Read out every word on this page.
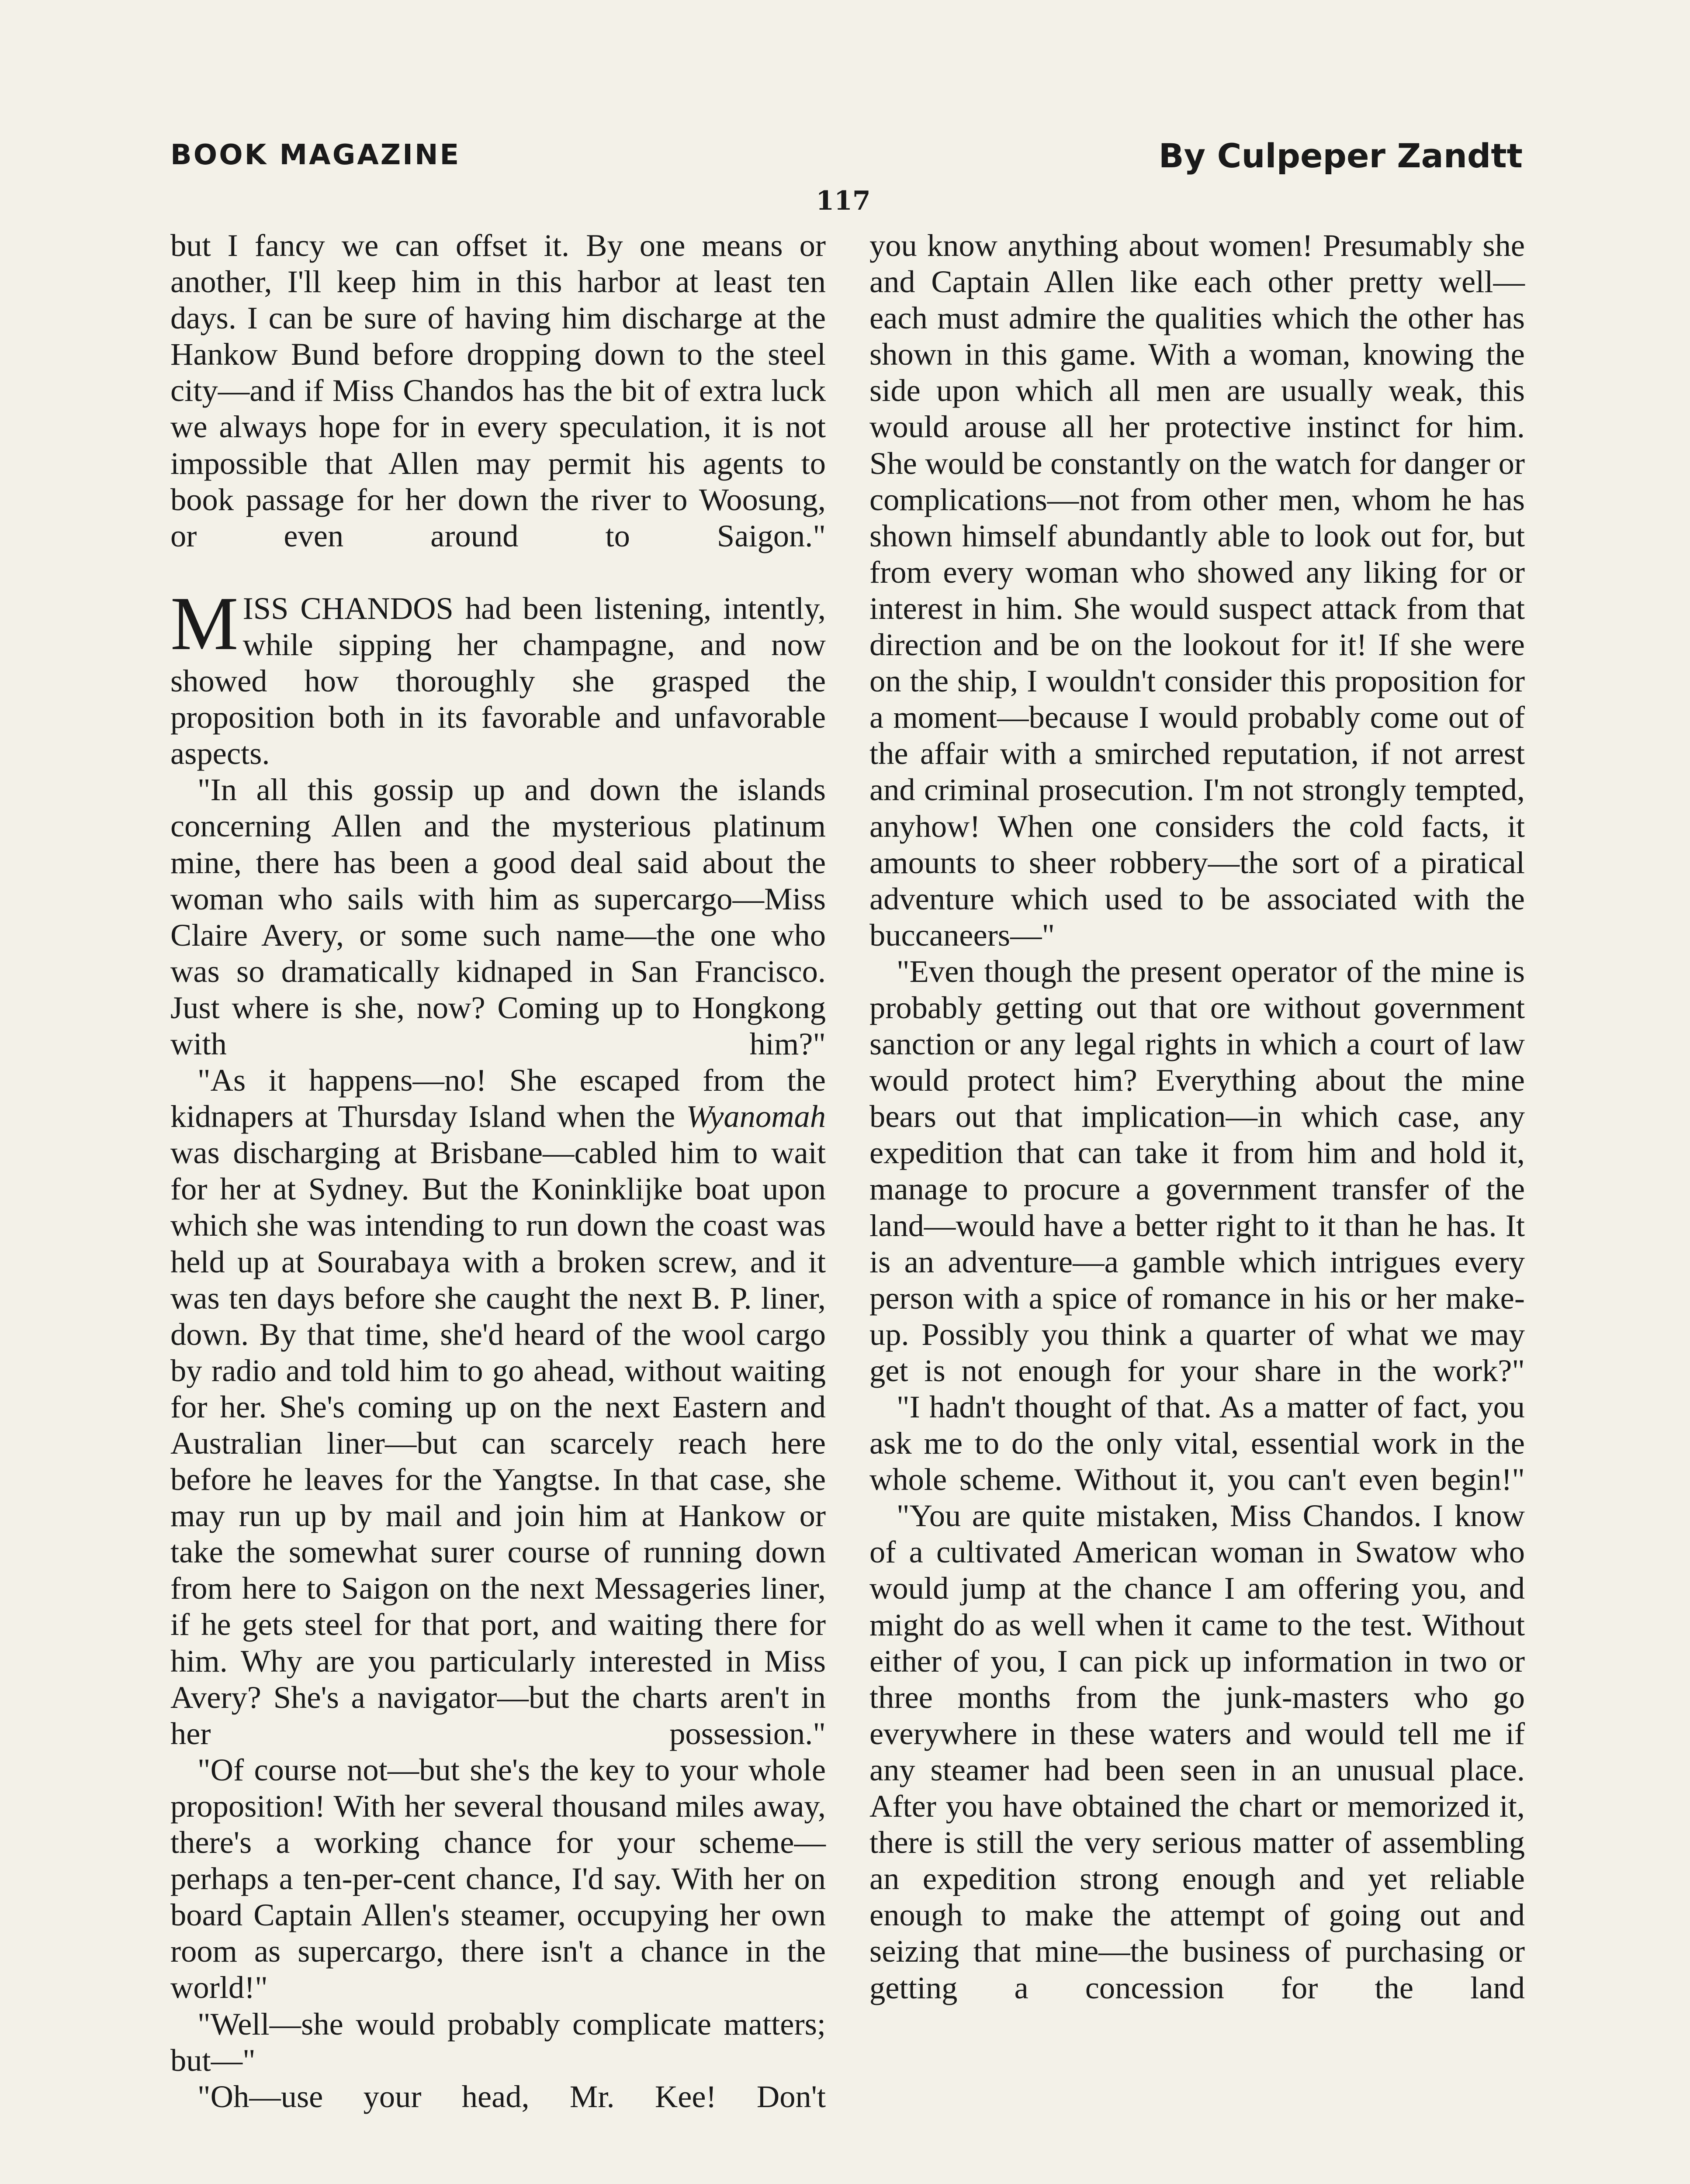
BOOK MAGAZINE	By Culpeper Zandtt
117

but I fancy we can offset it. By one means or another, I'll keep him in this harbor at least ten days. I can be sure of having him discharge at the Hankow Bund before dropping down to the steel city—and if Miss Chandos has the bit of extra luck we always hope for in every speculation, it is not impossible that Allen may permit his agents to book passage for her down the river to Woosung, or even around to Saigon."

MISS CHANDOS had been listening, intently, while sipping her champagne, and now showed how thoroughly she grasped the proposition both in its favorable and unfavorable aspects.

"In all this gossip up and down the islands concerning Allen and the mysterious platinum mine, there has been a good deal said about the woman who sails with him as supercargo—Miss Claire Avery, or some such name—the one who was so dramatically kidnaped in San Francisco. Just where is she, now? Coming up to Hongkong with him?"

"As it happens—no! She escaped from the kidnapers at Thursday Island when the Wyanomah was discharging at Brisbane—cabled him to wait for her at Sydney. But the Koninklijke boat upon which she was intending to run down the coast was held up at Sourabaya with a broken screw, and it was ten days before she caught the next B. P. liner, down. By that time, she'd heard of the wool cargo by radio and told him to go ahead, without waiting for her. She's coming up on the next Eastern and Australian liner—but can scarcely reach here before he leaves for the Yangtse. In that case, she may run up by mail and join him at Hankow or take the somewhat surer course of running down from here to Saigon on the next Messageries liner, if he gets steel for that port, and waiting there for him. Why are you particularly interested in Miss Avery? She's a navigator—but the charts aren't in her possession."

"Of course not—but she's the key to your whole proposition! With her several thousand miles away, there's a working chance for your scheme—perhaps a ten-per-cent chance, I'd say. With her on board Captain Allen's steamer, occupying her own room as supercargo, there isn't a chance in the world!"

"Well—she would probably complicate matters; but—"

"Oh—use your head, Mr. Kee! Don't

you know anything about women! Presumably she and Captain Allen like each other pretty well—each must admire the qualities which the other has shown in this game. With a woman, knowing the side upon which all men are usually weak, this would arouse all her protective instinct for him. She would be constantly on the watch for danger or complications—not from other men, whom he has shown himself abundantly able to look out for, but from every woman who showed any liking for or interest in him. She would suspect attack from that direction and be on the lookout for it! If she were on the ship, I wouldn't consider this proposition for a moment—because I would probably come out of the affair with a smirched reputation, if not arrest and criminal prosecution. I'm not strongly tempted, anyhow! When one considers the cold facts, it amounts to sheer robbery—the sort of a piratical adventure which used to be associated with the buccaneers—"

"Even though the present operator of the mine is probably getting out that ore without government sanction or any legal rights in which a court of law would protect him? Everything about the mine bears out that implication—in which case, any expedition that can take it from him and hold it, manage to procure a government transfer of the land—would have a better right to it than he has. It is an adventure—a gamble which intrigues every person with a spice of romance in his or her make-up. Possibly you think a quarter of what we may get is not enough for your share in the work?"

"I hadn't thought of that. As a matter of fact, you ask me to do the only vital, essential work in the whole scheme. Without it, you can't even begin!"

"You are quite mistaken, Miss Chandos. I know of a cultivated American woman in Swatow who would jump at the chance I am offering you, and might do as well when it came to the test. Without either of you, I can pick up information in two or three months from the junk-masters who go everywhere in these waters and would tell me if any steamer had been seen in an unusual place. After you have obtained the chart or memorized it, there is still the very serious matter of assembling an expedition strong enough and yet reliable enough to make the attempt of going out and seizing that mine—the business of purchasing or getting a concession for the land
